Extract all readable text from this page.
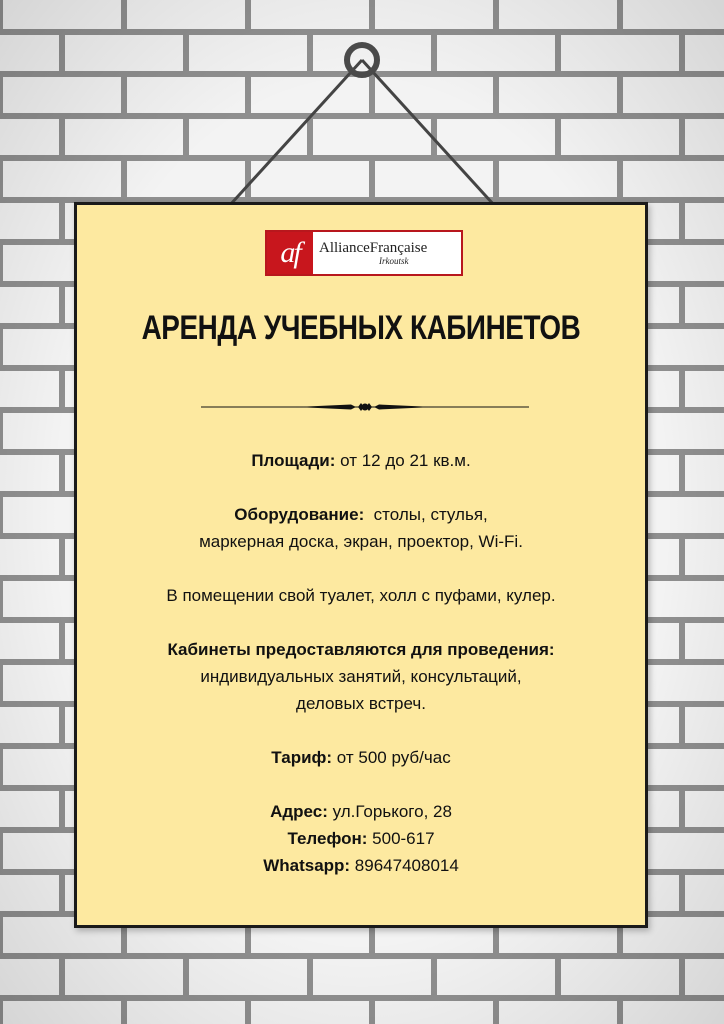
af	AllianceFrançaise
Irkoutsk
АРЕНДА УЧЕБНЫХ КАБИНЕТОВ

Площади: от 12 до 21 кв.м.

Оборудование:  столы, стулья,

маркерная доска, экран, проектор, Wi-Fi.

В помещении свой туалет, холл с пуфами, кулер.

Кабинеты предоставляются для проведения:

индивидуальных занятий, консультаций,

деловых встреч.

Тариф: от 500 руб/час

Адрес: ул.Горького, 28

Телефон: 500-617

Whatsapp: 89647408014
